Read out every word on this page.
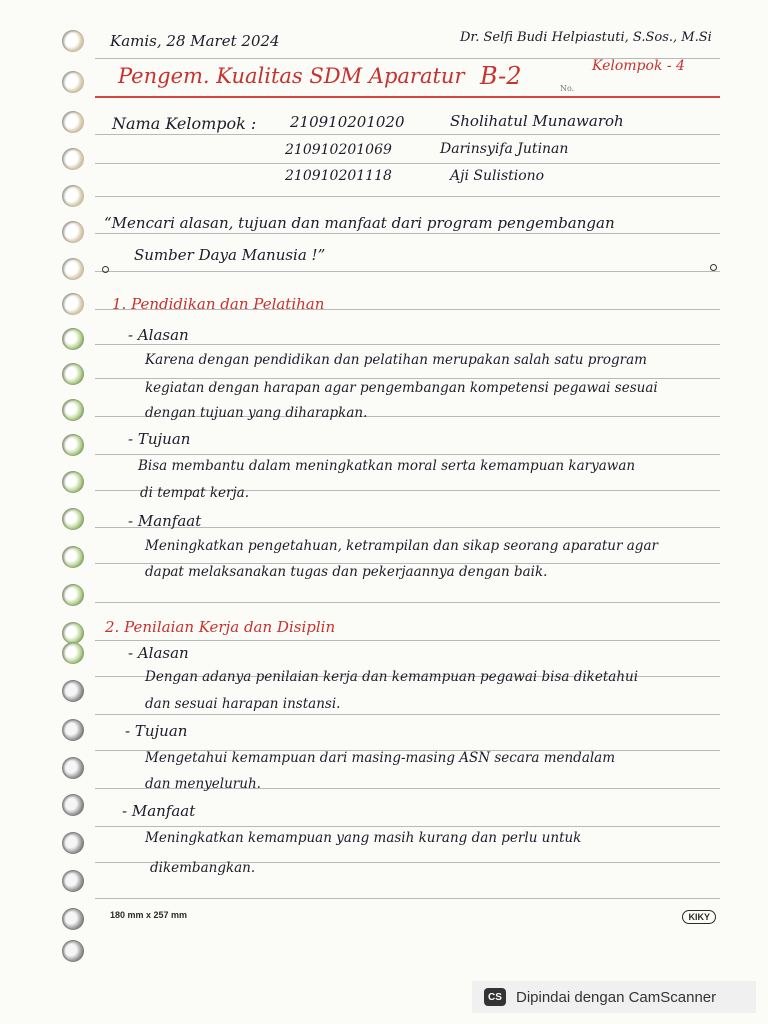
Kamis, 28 Maret 2024	Dr. Selfi Budi Helpiastuti, S.Sos., M.Si
Pengem. Kualitas SDM Aparatur B-2	Kelompok - 4
No.
Nama Kelompok : 210910201020	Sholihatul Munawaroh
210910201069	Darinsyifa Jutinan
210910201118	Aji Sulistiono
“Mencari alasan, tujuan dan manfaat dari program pengembangan
Sumber Daya Manusia !”
1. Pendidikan dan Pelatihan
- Alasan
Karena dengan pendidikan dan pelatihan merupakan salah satu program
kegiatan dengan harapan agar pengembangan kompetensi pegawai sesuai
dengan tujuan yang diharapkan.
- Tujuan
Bisa membantu dalam meningkatkan moral serta kemampuan karyawan
di tempat kerja.
- Manfaat
Meningkatkan pengetahuan, ketrampilan dan sikap seorang aparatur agar
dapat melaksanakan tugas dan pekerjaannya dengan baik.
2. Penilaian Kerja dan Disiplin
- Alasan
Dengan adanya penilaian kerja dan kemampuan pegawai bisa diketahui
dan sesuai harapan instansi.
- Tujuan
Mengetahui kemampuan dari masing-masing ASN secara mendalam
dan menyeluruh.
- Manfaat
Meningkatkan kemampuan yang masih kurang dan perlu untuk
dikembangkan.
180 mm x 257 mm	KIKY
CS Dipindai dengan CamScanner
